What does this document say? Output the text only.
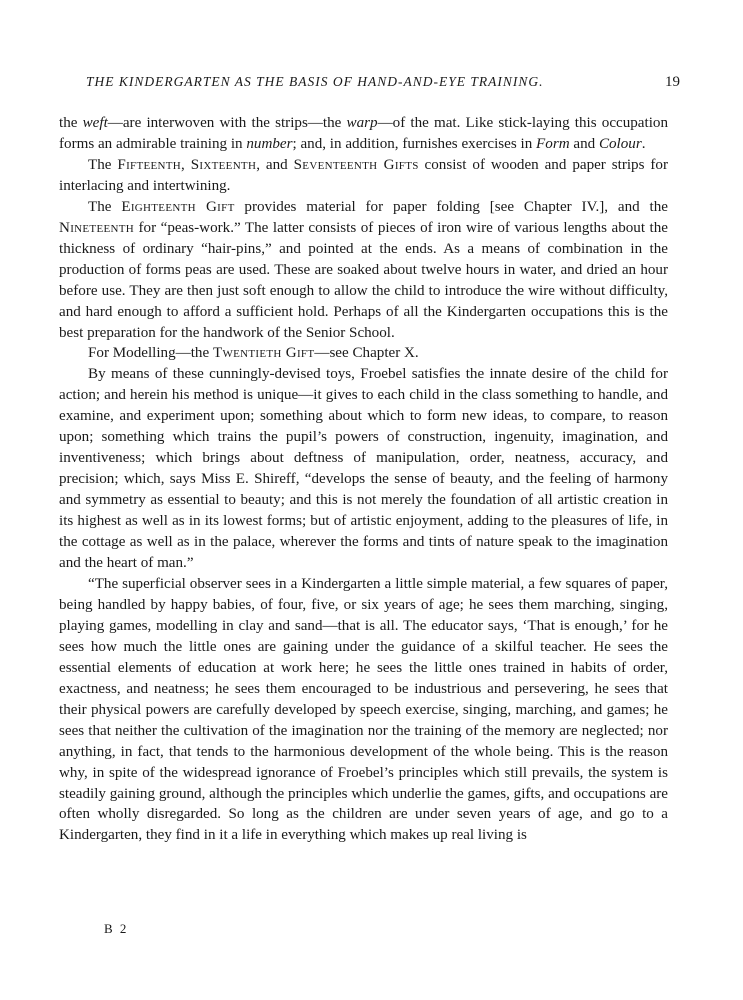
THE KINDERGARTEN AS THE BASIS OF HAND-AND-EYE TRAINING.	19

the weft—are interwoven with the strips—the warp—of the mat. Like stick-laying this occupation forms an admirable training in number; and, in addition, furnishes exercises in Form and Colour.

The Fifteenth, Sixteenth, and Seventeenth Gifts consist of wooden and paper strips for interlacing and intertwining.

The Eighteenth Gift provides material for paper folding [see Chapter IV.], and the Nineteenth for “peas-work.” The latter consists of pieces of iron wire of various lengths about the thickness of ordinary “hair-pins,” and pointed at the ends. As a means of combination in the production of forms peas are used. These are soaked about twelve hours in water, and dried an hour before use. They are then just soft enough to allow the child to introduce the wire without difficulty, and hard enough to afford a sufficient hold. Perhaps of all the Kindergarten occupations this is the best preparation for the handwork of the Senior School.

For Modelling—the Twentieth Gift—see Chapter X.

By means of these cunningly-devised toys, Froebel satisfies the innate desire of the child for action; and herein his method is unique—it gives to each child in the class something to handle, and examine, and experiment upon; something about which to form new ideas, to compare, to reason upon; something which trains the pupil’s powers of construction, ingenuity, imagination, and inventiveness; which brings about deftness of manipulation, order, neatness, accuracy, and precision; which, says Miss E. Shireff, “develops the sense of beauty, and the feeling of harmony and symmetry as essential to beauty; and this is not merely the foundation of all artistic creation in its highest as well as in its lowest forms; but of artistic enjoyment, adding to the pleasures of life, in the cottage as well as in the palace, wherever the forms and tints of nature speak to the imagination and the heart of man.”

“The superficial observer sees in a Kindergarten a little simple material, a few squares of paper, being handled by happy babies, of four, five, or six years of age; he sees them marching, singing, playing games, modelling in clay and sand—that is all. The educator says, ‘That is enough,’ for he sees how much the little ones are gaining under the guidance of a skilful teacher. He sees the essential elements of education at work here; he sees the little ones trained in habits of order, exactness, and neatness; he sees them encouraged to be industrious and persevering, he sees that their physical powers are carefully developed by speech exercise, singing, marching, and games; he sees that neither the cultivation of the imagination nor the training of the memory are neglected; nor anything, in fact, that tends to the harmonious development of the whole being. This is the reason why, in spite of the widespread ignorance of Froebel’s principles which still prevails, the system is steadily gaining ground, although the principles which underlie the games, gifts, and occupations are often wholly disregarded. So long as the children are under seven years of age, and go to a Kindergarten, they find in it a life in everything which makes up real living is

B 2
